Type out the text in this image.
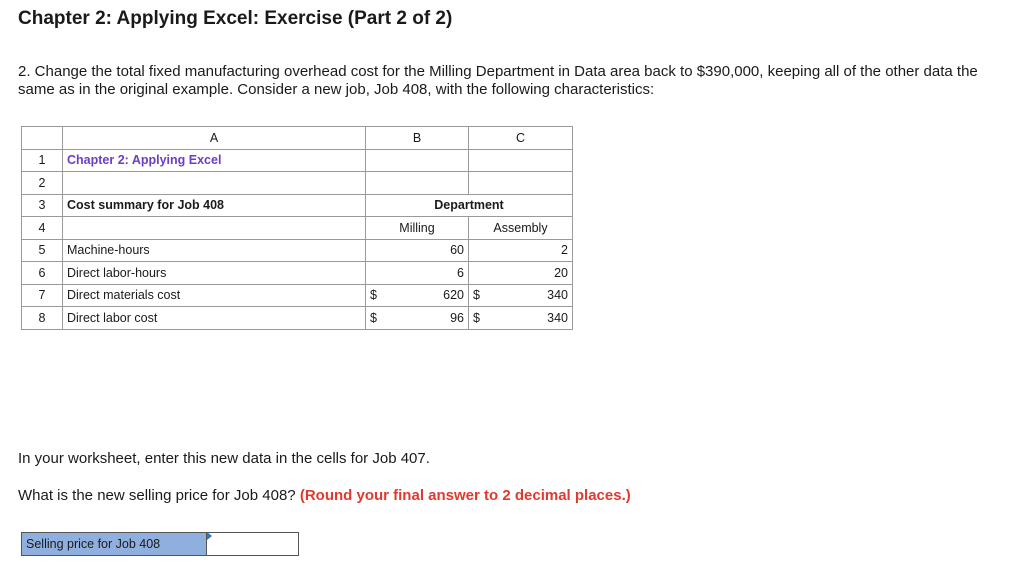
Chapter 2: Applying Excel: Exercise (Part 2 of 2)

2. Change the total fixed manufacturing overhead cost for the Milling Department in Data area back to $390,000, keeping all of the other data the same as in the original example. Consider a new job, Job 408, with the following characteristics:

	A	B	C
1	Chapter 2: Applying Excel		
2			
3	Cost summary for Job 408	Department	
4		Milling	Assembly
5	Machine-hours	60	2
6	Direct labor-hours	6	20
7	Direct materials cost	$ 620	$ 340

8	Direct labor cost	$ 96	$ 340

In your worksheet, enter this new data in the cells for Job 407.

What is the new selling price for Job 408? (Round your final answer to 2 decimal places.)

Selling price for Job 408
